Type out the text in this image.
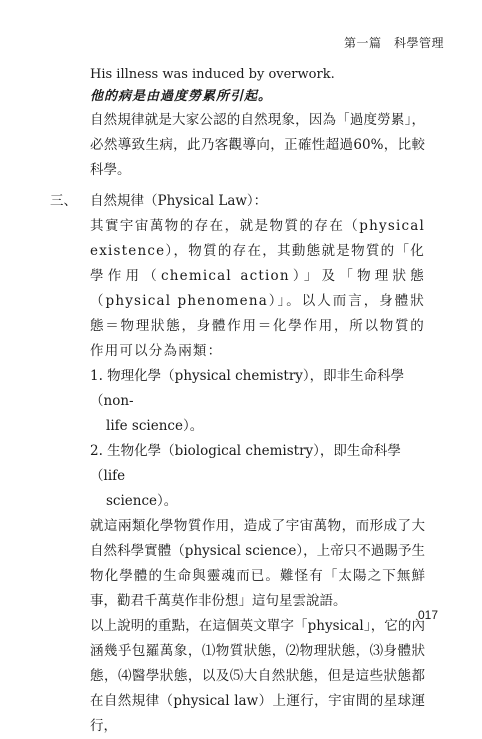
第一篇　科學管理
His illness was induced by overwork.
他的病是由過度勞累所引起。

自然規律就是大家公認的自然現象，因為「過度勞累」，必然導致生病，此乃客觀導向，正確性超過60%，比較科學。

三、 自然規律（Physical Law）：

其實宇宙萬物的存在，就是物質的存在（physical existence），物質的存在，其動態就是物質的「化學作用（chemical action）」及「物理狀態（physical phenomena）」。以人而言，身體狀態＝物理狀態，身體作用＝化學作用，所以物質的作用可以分為兩類：

1. 物理化學（physical chemistry），即非生命科學（non-
life science）。
2. 生物化學（biological chemistry），即生命科學（life
science）。

就這兩類化學物質作用，造成了宇宙萬物，而形成了大自然科學實體（physical science），上帝只不過賜予生物化學體的生命與靈魂而已。難怪有「太陽之下無鮮事，勸君千萬莫作非份想」這句星雲說語。

以上說明的重點，在這個英文單字「physical」，它的內涵幾乎包羅萬象，⑴物質狀態，⑵物理狀態，⑶身體狀態，⑷醫學狀態，以及⑸大自然狀態，但是這些狀態都在自然規律（physical law）上運行，宇宙間的星球運行，

017
